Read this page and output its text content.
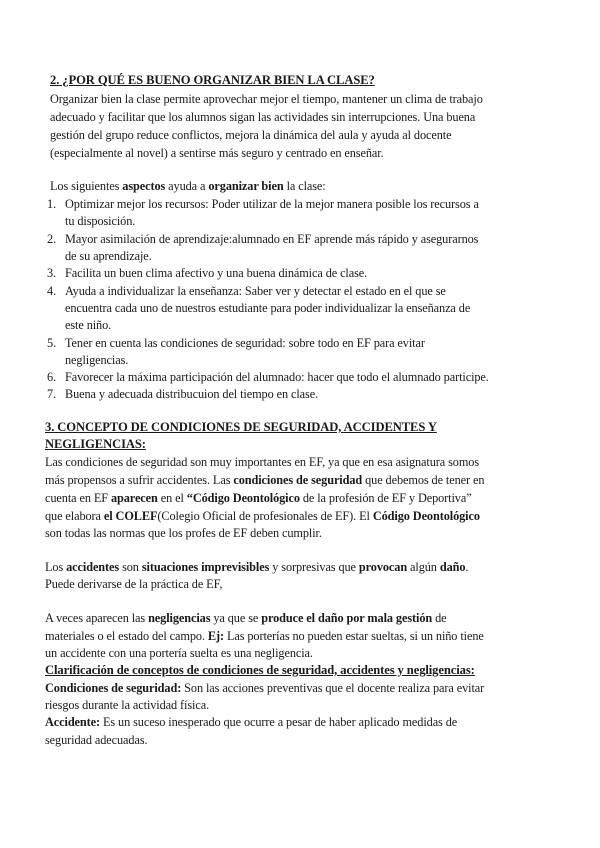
2. ¿POR QUÉ ES BUENO ORGANIZAR BIEN LA CLASE?
Organizar bien la clase permite aprovechar mejor el tiempo, mantener un clima de trabajo
adecuado y facilitar que los alumnos sigan las actividades sin interrupciones. Una buena
gestión del grupo reduce conflictos, mejora la dinámica del aula y ayuda al docente
(especialmente al novel) a sentirse más seguro y centrado en enseñar.
Los siguientes aspectos ayuda a organizar bien la clase:
1. Optimizar mejor los recursos: Poder utilizar de la mejor manera posible los recursos a
tu disposición.
2. Mayor asimilación de aprendizaje:alumnado en EF aprende más rápido y asegurarnos
de su aprendizaje.
3. Facilita un buen clima afectivo y una buena dinámica de clase.
4. Ayuda a individualizar la enseñanza: Saber ver y detectar el estado en el que se
encuentra cada uno de nuestros estudiante para poder individualizar la enseñanza de
este niño.
5. Tener en cuenta las condiciones de seguridad: sobre todo en EF para evitar
negligencias.
6. Favorecer la máxima participación del alumnado: hacer que todo el alumnado participe.
7. Buena y adecuada distribucuion del tiempo en clase.
3. CONCEPTO DE CONDICIONES DE SEGURIDAD, ACCIDENTES Y
NEGLIGENCIAS:
Las condiciones de seguridad son muy importantes en EF, ya que en esa asignatura somos
más propensos a sufrir accidentes. Las condiciones de seguridad que debemos de tener en
cuenta en EF aparecen en el “Código Deontológico de la profesión de EF y Deportiva”
que elabora el COLEF(Colegio Oficial de profesionales de EF). El Código Deontológico
son todas las normas que los profes de EF deben cumplir.
Los accidentes son situaciones imprevisibles y sorpresivas que provocan algún daño.
Puede derivarse de la práctica de EF,
A veces aparecen las negligencias ya que se produce el daño por mala gestión de
materiales o el estado del campo. Ej: Las porterías no pueden estar sueltas, si un niño tiene
un accidente con una portería suelta es una negligencia.
Clarificación de conceptos de condiciones de seguridad, accidentes y negligencias:
Condiciones de seguridad: Son las acciones preventivas que el docente realiza para evitar
riesgos durante la actividad física.
Accidente: Es un suceso inesperado que ocurre a pesar de haber aplicado medidas de
seguridad adecuadas.
